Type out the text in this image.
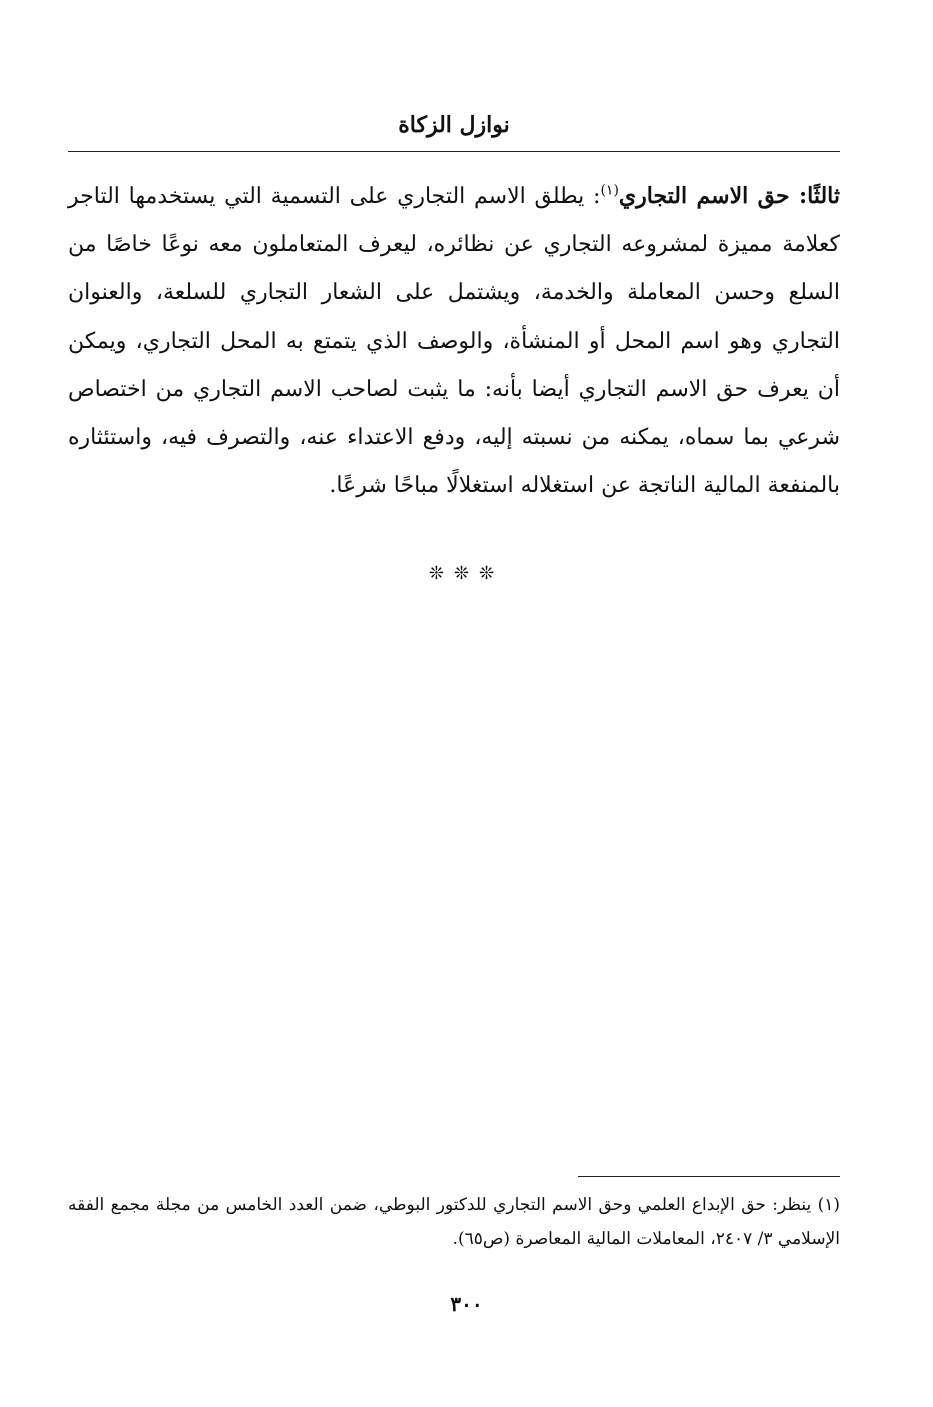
نوازل الزكاة
ثالثًا: حق الاسم التجاري$^{(١)}$: يطلق الاسم التجاري على التسمية التي يستخدمها التاجر كعلامة مميزة لمشروعه التجاري عن نظائره، ليعرف المتعاملون معه نوعًا خاصًا من السلع وحسن المعاملة والخدمة، ويشتمل على الشعار التجاري للسلعة، والعنوان التجاري وهو اسم المحل أو المنشأة، والوصف الذي يتمتع به المحل التجاري، ويمكن أن يعرف حق الاسم التجاري أيضا بأنه: ما يثبت لصاحب الاسم التجاري من اختصاص شرعي بما سماه، يمكنه من نسبته إليه، ودفع الاعتداء عنه، والتصرف فيه، واستئثاره بالمنفعة المالية الناتجة عن استغلاله استغلالًا مباحًا شرعًا.
❊❊❊
(١) ينظر: حق الإبداع العلمي وحق الاسم التجاري للدكتور البوطي، ضمن العدد الخامس من مجلة مجمع الفقه الإسلامي ٣/ ٢٤٠٧، المعاملات المالية المعاصرة (ص٦٥).
٣٠٠
